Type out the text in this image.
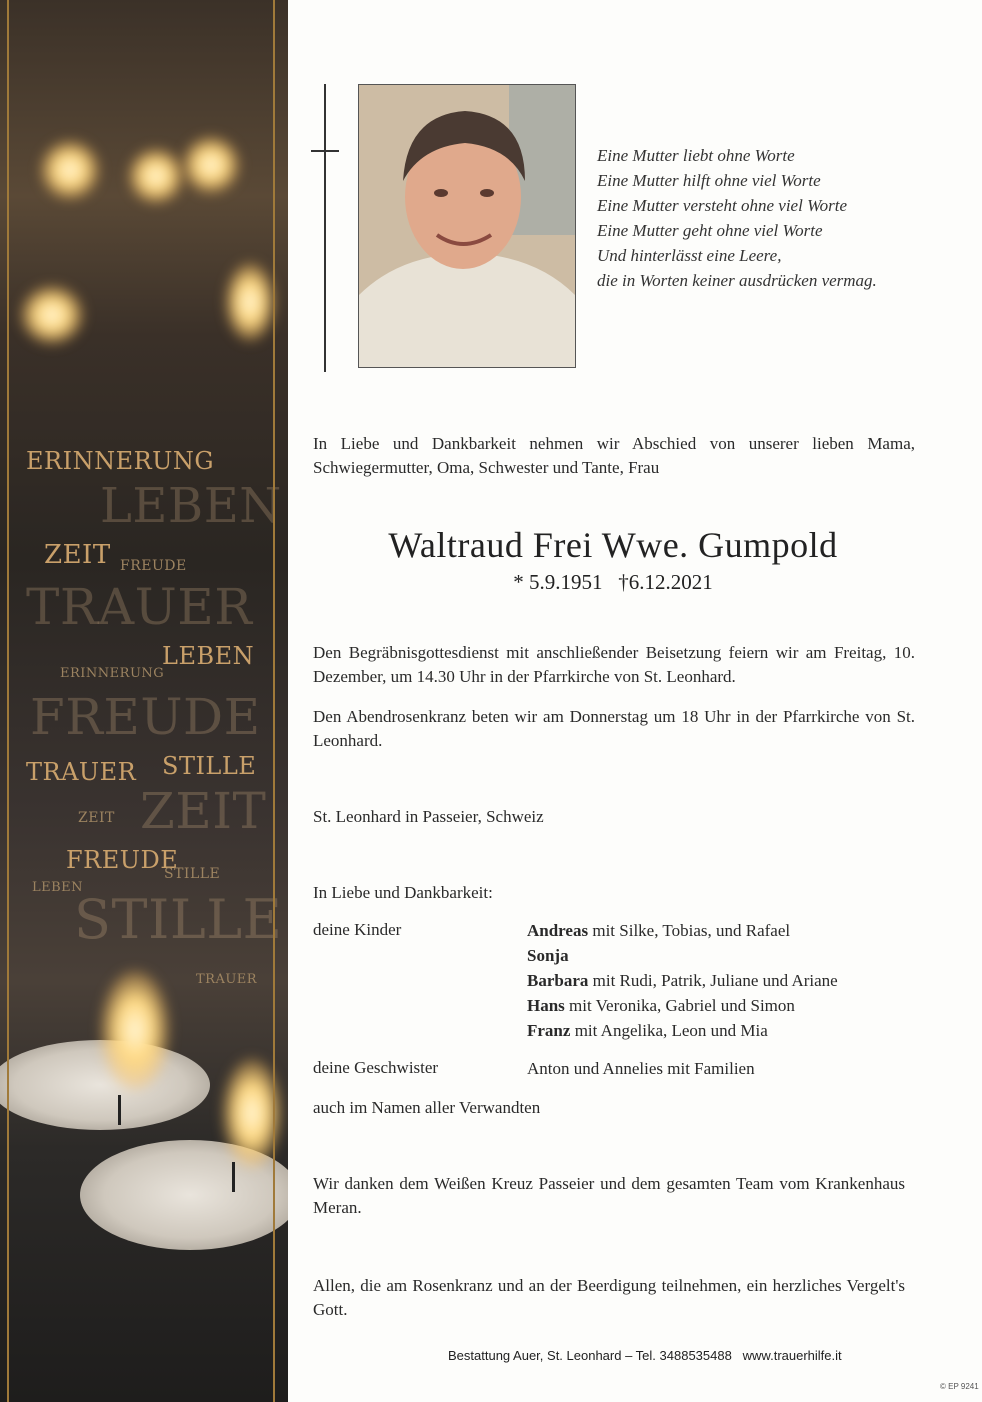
ERINNERUNG
LEBEN
ZEIT FREUDE
TRAUER
LEBEN
ERINNERUNG
FREUDE
TRAUER STILLE
ZEIT
ZEIT
FREUDE
STILLE
LEBEN
STILLE
TRAUER
Eine Mutter liebt ohne Worte
Eine Mutter hilft ohne viel Worte
Eine Mutter versteht ohne viel Worte
Eine Mutter geht ohne viel Worte
Und hinterlässt eine Leere,
die in Worten keiner ausdrücken vermag.
In Liebe und Dankbarkeit nehmen wir Abschied von unserer lieben Mama, Schwiegermutter, Oma, Schwester und Tante, Frau
Waltraud Frei Wwe. Gumpold
* 5.9.1951   †6.12.2021
Den Begräbnisgottesdienst mit anschließender Beisetzung feiern wir am Freitag, 10. Dezember, um 14.30 Uhr in der Pfarrkirche von St. Leonhard.
Den Abendrosenkranz beten wir am Donnerstag um 18 Uhr in der Pfarrkirche von St. Leonhard.
St. Leonhard in Passeier, Schweiz
In Liebe und Dankbarkeit:
deine Kinder	Andreas mit Silke, Tobias, und Rafael
Sonja
Barbara mit Rudi, Patrik, Juliane und Ariane
Hans mit Veronika, Gabriel und Simon
Franz mit Angelika, Leon und Mia
deine Geschwister	Anton und Annelies mit Familien
auch im Namen aller Verwandten
Wir danken dem Weißen Kreuz Passeier und dem gesamten Team vom Krankenhaus Meran.
Allen, die am Rosenkranz und an der Beerdigung teilnehmen, ein herzliches Vergelt's Gott.
Bestattung Auer, St. Leonhard – Tel. 3488535488   www.trauerhilfe.it
© EP 9241
